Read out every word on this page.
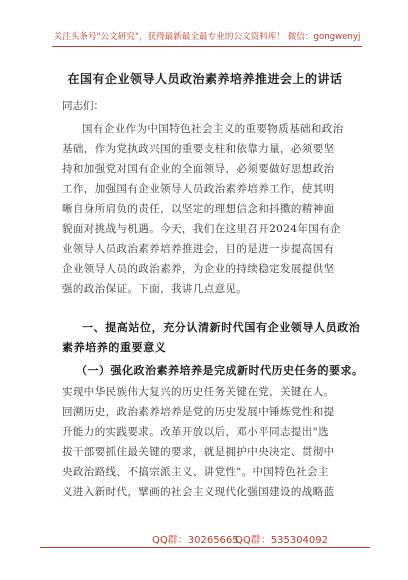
关注头条号"公文研究"，获得最新最全最专业的公文资料库！ 微信：gongwenyj
在国有企业领导人员政治素养培养推进会上的讲话
同志们：
国有企业作为中国特色社会主义的重要物质基础和政治
基础，作为党执政兴国的重要支柱和依靠力量，必须要坚
持和加强党对国有企业的全面领导，必须要做好思想政治
工作，加强国有企业领导人员政治素养培养工作，使其明
晰自身所肩负的责任，以坚定的理想信念和抖擞的精神面
貌面对挑战与机遇。今天，我们在这里召开2024年国有企
业领导人员政治素养培养推进会，目的是进一步提高国有
企业领导人员的政治素养，为企业的持续稳定发展提供坚
强的政治保证。下面，我讲几点意见。
一、提高站位，充分认清新时代国有企业领导人员政治
素养培养的重要意义
（一）强化政治素养培养是完成新时代历史任务的要求。
实现中华民族伟大复兴的历史任务关键在党，关键在人。
回溯历史，政治素养培养是党的历史发展中锤炼党性和提
升能力的实践要求。改革开放以后，邓小平同志提出"选
拔干部要抓住最关键的要求，就是拥护中央决定、贯彻中
央政治路线，不搞宗派主义、讲党性"。中国特色社会主
义进入新时代，擘画的社会主义现代化强国建设的战略蓝
QQ群：30265665
QQ群：535304092
